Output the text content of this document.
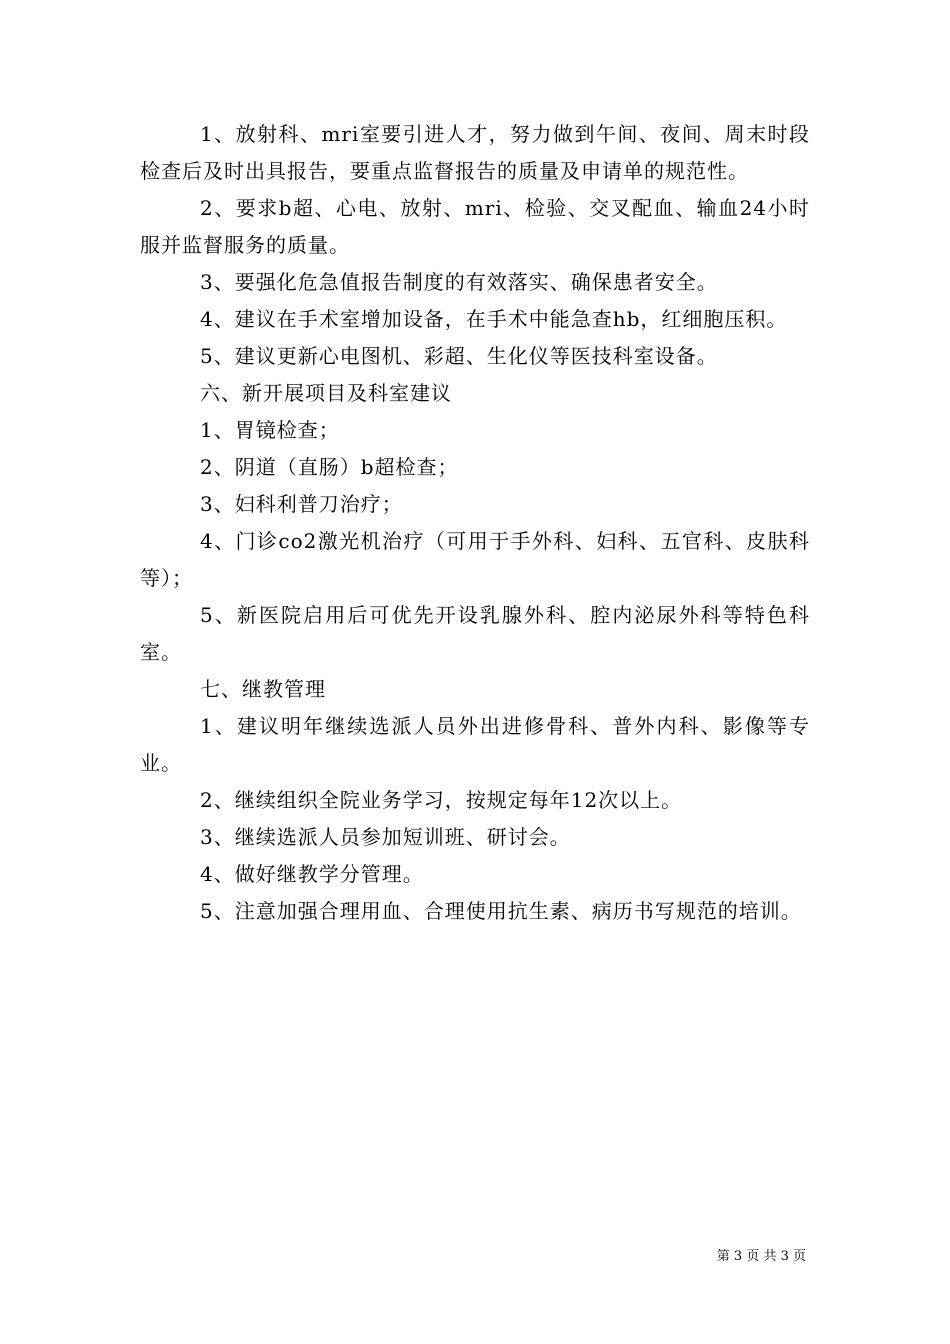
1、放射科、mri室要引进人才，努力做到午间、夜间、周末时段检查后及时出具报告，要重点监督报告的质量及申请单的规范性。

2、要求b超、心电、放射、mri、检验、交叉配血、输血24小时服并监督服务的质量。

3、要强化危急值报告制度的有效落实、确保患者安全。

4、建议在手术室增加设备，在手术中能急查hb，红细胞压积。

5、建议更新心电图机、彩超、生化仪等医技科室设备。

六、新开展项目及科室建议

1、胃镜检查；

2、阴道（直肠）b超检查；

3、妇科利普刀治疗；

4、门诊co2激光机治疗（可用于手外科、妇科、五官科、皮肤科等）；

5、新医院启用后可优先开设乳腺外科、腔内泌尿外科等特色科室。

七、继教管理

1、建议明年继续选派人员外出进修骨科、普外内科、影像等专业。

2、继续组织全院业务学习，按规定每年12次以上。

3、继续选派人员参加短训班、研讨会。

4、做好继教学分管理。

5、注意加强合理用血、合理使用抗生素、病历书写规范的培训。

第 3 页 共 3 页
